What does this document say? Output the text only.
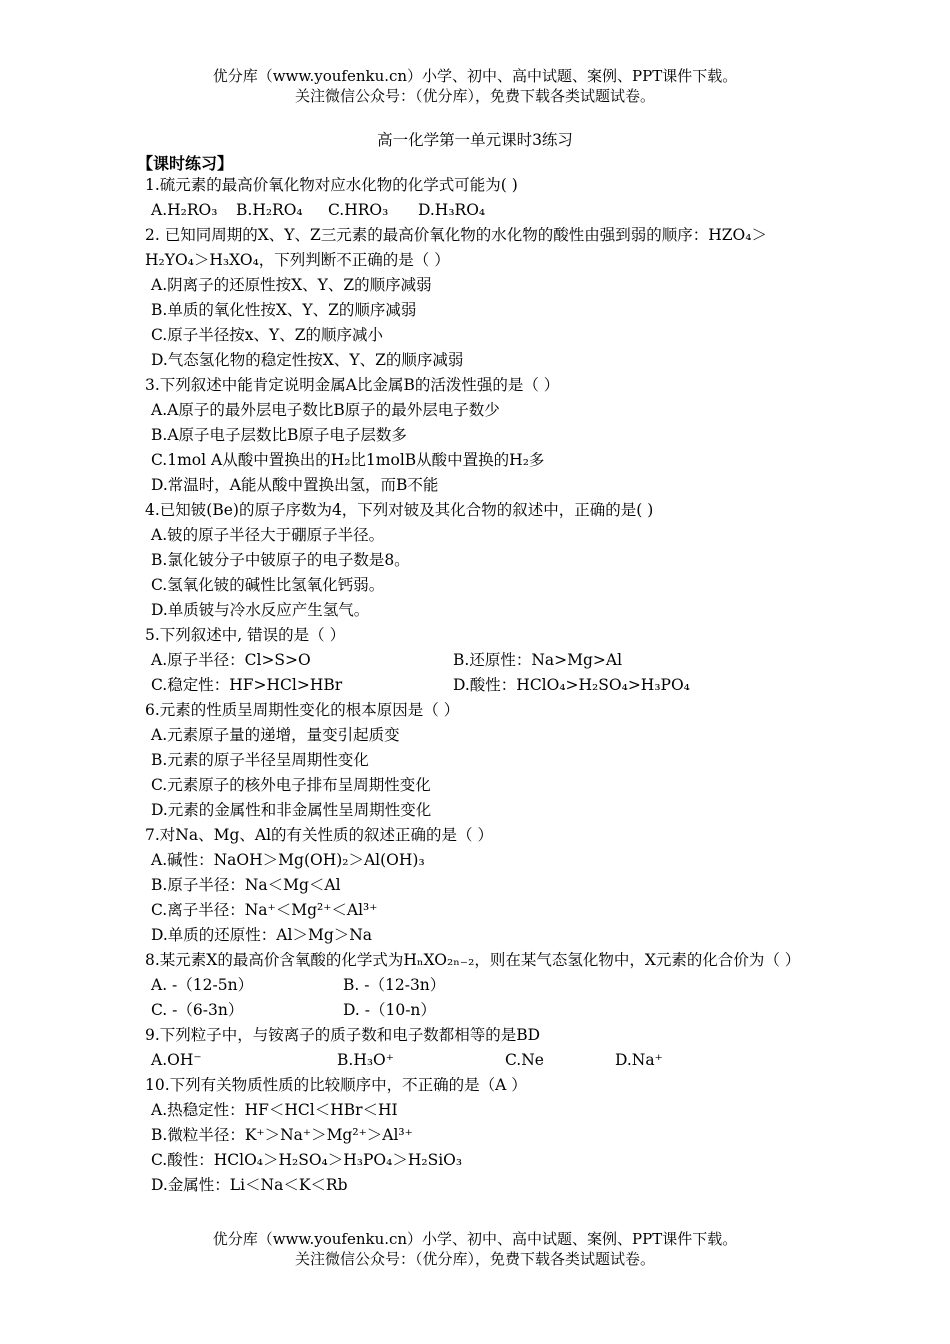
优分库（www.youfenku.cn）小学、初中、高中试题、案例、PPT课件下载。
关注微信公众号：（优分库），免费下载各类试题试卷。
高一化学第一单元课时3练习
【课时练习】
1.硫元素的最高价氧化物对应水化物的化学式可能为( )
A.H₂RO₃	B.H₂RO₄	C.HRO₃	D.H₃RO₄
2. 已知同周期的X、Y、Z三元素的最高价氧化物的水化物的酸性由强到弱的顺序：HZO₄＞H₂YO₄＞H₃XO₄，下列判断不正确的是（ ）
A.阴离子的还原性按X、Y、Z的顺序减弱
B.单质的氧化性按X、Y、Z的顺序减弱
C.原子半径按x、Y、Z的顺序减小
D.气态氢化物的稳定性按X、Y、Z的顺序减弱
3.下列叙述中能肯定说明金属A比金属B的活泼性强的是（ ）
A.A原子的最外层电子数比B原子的最外层电子数少
B.A原子电子层数比B原子电子层数多
C.1mol A从酸中置换出的H₂比1molB从酸中置换的H₂多
D.常温时，A能从酸中置换出氢，而B不能
4.已知铍(Be)的原子序数为4，下列对铍及其化合物的叙述中，正确的是( )
A.铍的原子半径大于硼原子半径。
B.氯化铍分子中铍原子的电子数是8。
C.氢氧化铍的碱性比氢氧化钙弱。
D.单质铍与冷水反应产生氢气。
5.下列叙述中, 错误的是（ ）
A.原子半径：Cl>S>O	B.还原性：Na>Mg>Al
C.稳定性：HF>HCl>HBr	D.酸性：HClO₄>H₂SO₄>H₃PO₄
6.元素的性质呈周期性变化的根本原因是（ ）
A.元素原子量的递增，量变引起质变
B.元素的原子半径呈周期性变化
C.元素原子的核外电子排布呈周期性变化
D.元素的金属性和非金属性呈周期性变化
7.对Na、Mg、Al的有关性质的叙述正确的是（ ）
A.碱性：NaOH＞Mg(OH)₂＞Al(OH)₃
B.原子半径：Na＜Mg＜Al
C.离子半径：Na⁺＜Mg²⁺＜Al³⁺
D.单质的还原性：Al＞Mg＞Na
8.某元素X的最高价含氧酸的化学式为HₙXO₂ₙ₋₂，则在某气态氢化物中，X元素的化合价为（ ）
A. -（12-5n）	B. -（12-3n）
C. -（6-3n）	D. -（10-n）
9.下列粒子中，与铵离子的质子数和电子数都相等的是BD
A.OH⁻	B.H₃O⁺	C.Ne	D.Na⁺
10.下列有关物质性质的比较顺序中，不正确的是（A ）
A.热稳定性：HF＜HCl＜HBr＜HI
B.微粒半径：K⁺＞Na⁺＞Mg²⁺＞Al³⁺
C.酸性：HClO₄＞H₂SO₄＞H₃PO₄＞H₂SiO₃
D.金属性：Li＜Na＜K＜Rb
优分库（www.youfenku.cn）小学、初中、高中试题、案例、PPT课件下载。
关注微信公众号：（优分库），免费下载各类试题试卷。
